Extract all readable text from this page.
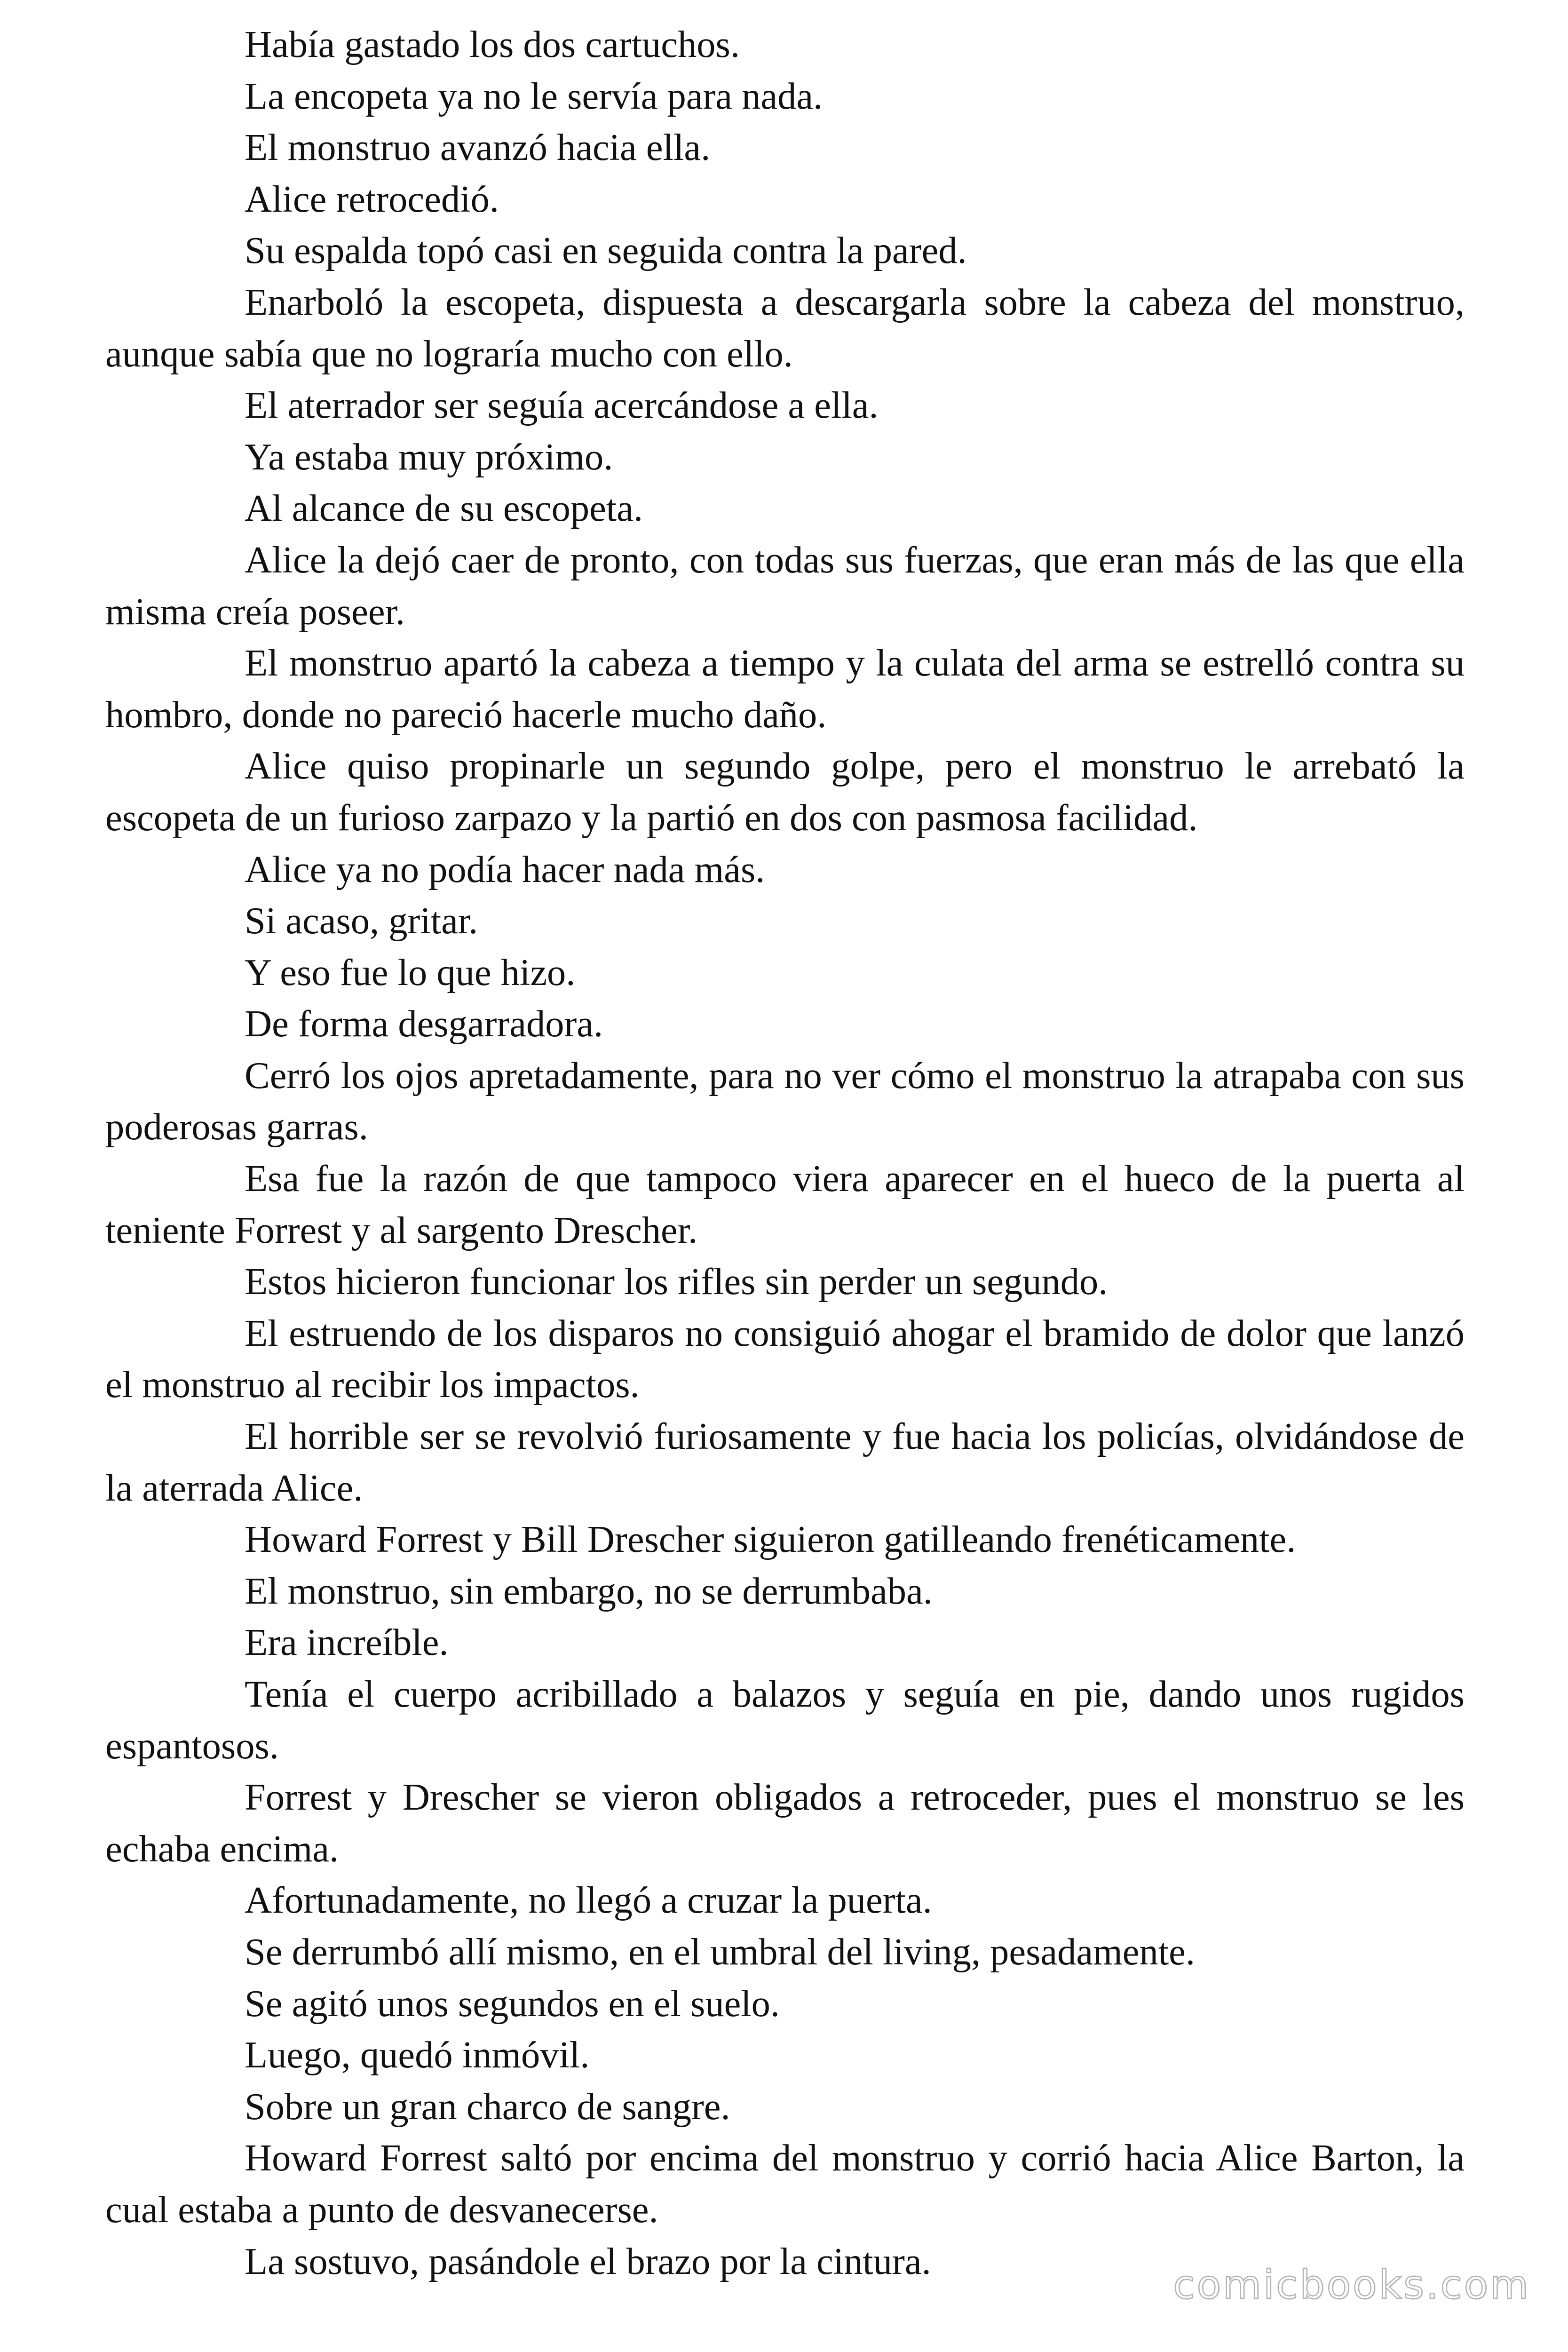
Había gastado los dos cartuchos.

La encopeta ya no le servía para nada.

El monstruo avanzó hacia ella.

Alice retrocedió.

Su espalda topó casi en seguida contra la pared.

Enarboló la escopeta, dispuesta a descargarla sobre la cabeza del monstruo, aunque sabía que no lograría mucho con ello.

El aterrador ser seguía acercándose a ella.

Ya estaba muy próximo.

Al alcance de su escopeta.

Alice la dejó caer de pronto, con todas sus fuerzas, que eran más de las que ella misma creía poseer.

El monstruo apartó la cabeza a tiempo y la culata del arma se estrelló contra su hombro, donde no pareció hacerle mucho daño.

Alice quiso propinarle un segundo golpe, pero el monstruo le arrebató la escopeta de un furioso zarpazo y la partió en dos con pasmosa facilidad.

Alice ya no podía hacer nada más.

Si acaso, gritar.

Y eso fue lo que hizo.

De forma desgarradora.

Cerró los ojos apretadamente, para no ver cómo el monstruo la atrapaba con sus poderosas garras.

Esa fue la razón de que tampoco viera aparecer en el hueco de la puerta al teniente Forrest y al sargento Drescher.

Estos hicieron funcionar los rifles sin perder un segundo.

El estruendo de los disparos no consiguió ahogar el bramido de dolor que lanzó el monstruo al recibir los impactos.

El horrible ser se revolvió furiosamente y fue hacia los policías, olvidándose de la aterrada Alice.

Howard Forrest y Bill Drescher siguieron gatilleando frenéticamente.

El monstruo, sin embargo, no se derrumbaba.

Era increíble.

Tenía el cuerpo acribillado a balazos y seguía en pie, dando unos rugidos espantosos.

Forrest y Drescher se vieron obligados a retroceder, pues el monstruo se les echaba encima.

Afortunadamente, no llegó a cruzar la puerta.

Se derrumbó allí mismo, en el umbral del living, pesadamente.

Se agitó unos segundos en el suelo.

Luego, quedó inmóvil.

Sobre un gran charco de sangre.

Howard Forrest saltó por encima del monstruo y corrió hacia Alice Barton, la cual estaba a punto de desvanecerse.

La sostuvo, pasándole el brazo por la cintura.

comicbooks.com
